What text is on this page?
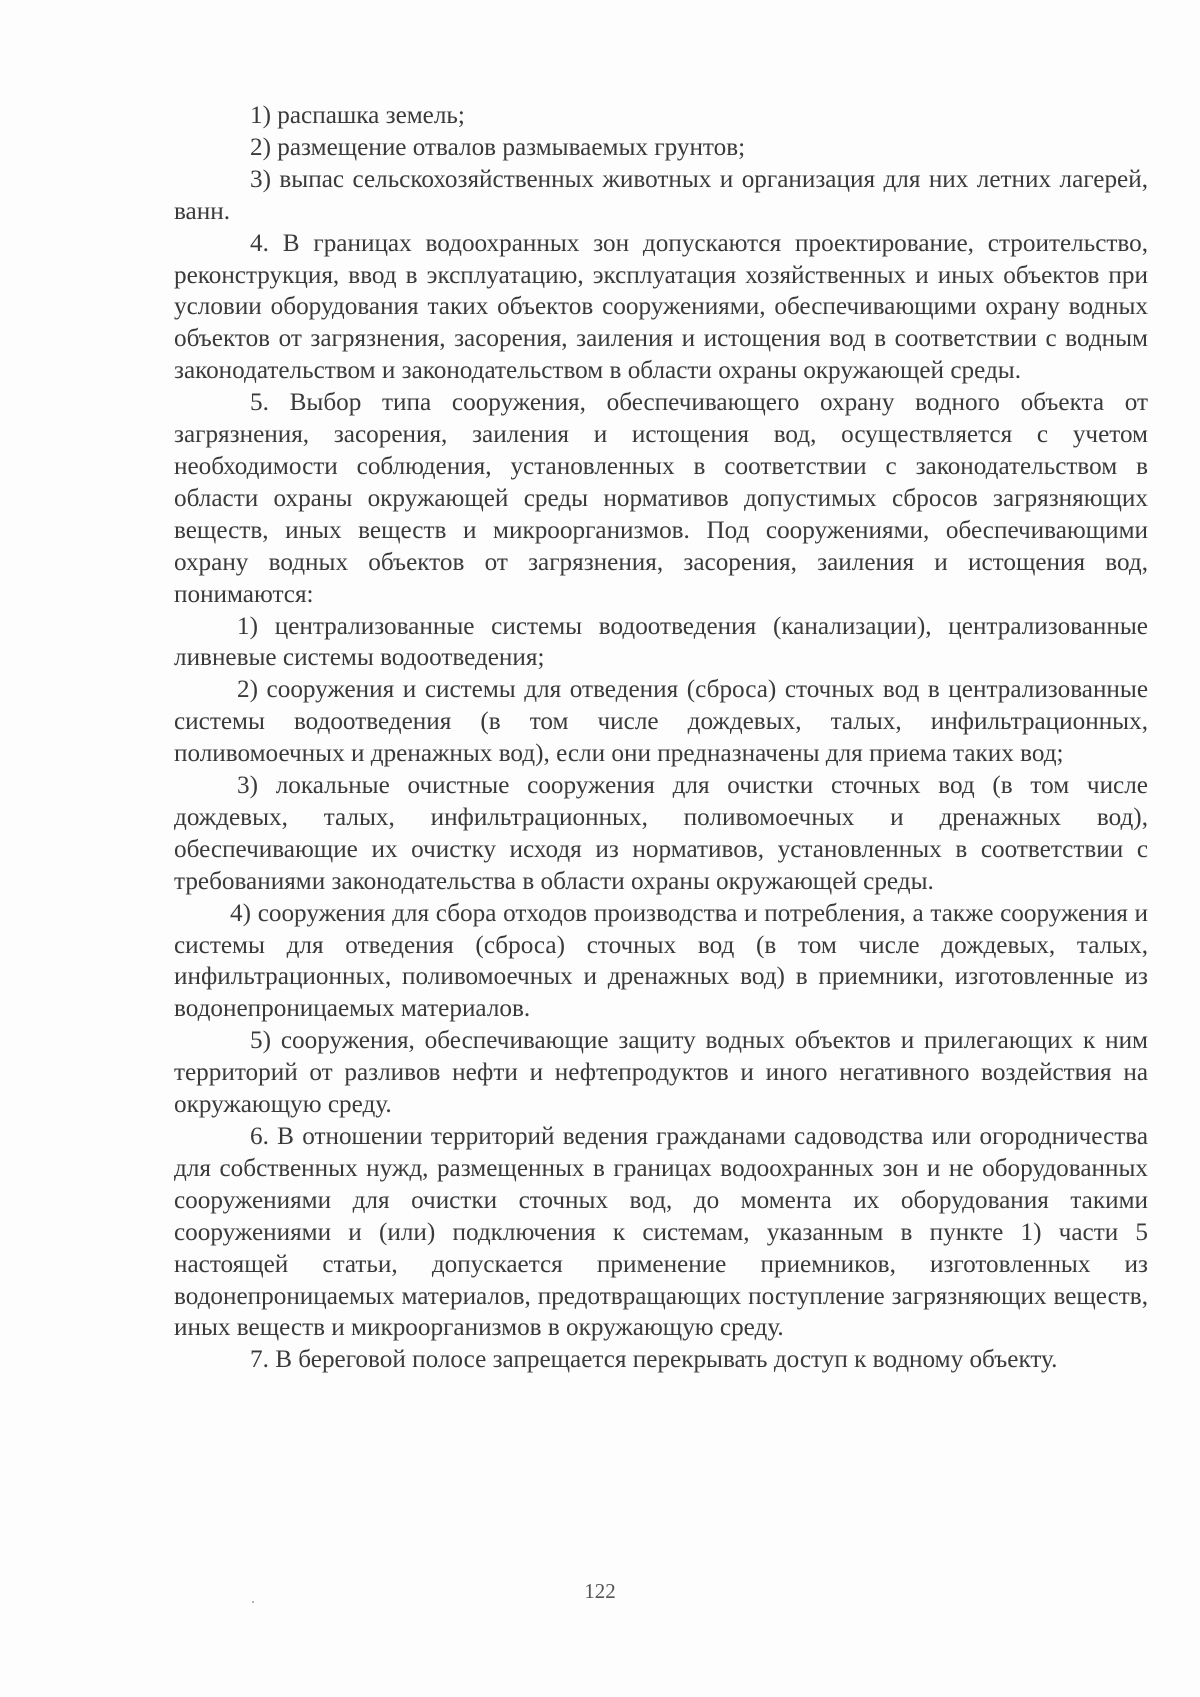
1) распашка земель;

2) размещение отвалов размываемых грунтов;

3) выпас сельскохозяйственных животных и организация для них летних лагерей, ванн.

4. В границах водоохранных зон допускаются проектирование, строительство, реконструкция, ввод в эксплуатацию, эксплуатация хозяйственных и иных объектов при условии оборудования таких объектов сооружениями, обеспечивающими охрану водных объектов от загрязнения, засорения, заиления и истощения вод в соответствии с водным законодательством и законодательством в области охраны окружающей среды.

5. Выбор типа сооружения, обеспечивающего охрану водного объекта от загрязнения, засорения, заиления и истощения вод, осуществляется с учетом необходимости соблюдения, установленных в соответствии с законодательством в области охраны окружающей среды нормативов допустимых сбросов загрязняющих веществ, иных веществ и микроорганизмов. Под сооружениями, обеспечивающими охрану водных объектов от загрязнения, засорения, заиления и истощения вод, понимаются:

1) централизованные системы водоотведения (канализации), централизованные ливневые системы водоотведения;

2) сооружения и системы для отведения (сброса) сточных вод в централизованные системы водоотведения (в том числе дождевых, талых, инфильтрационных, поливомоечных и дренажных вод), если они предназначены для приема таких вод;

3) локальные очистные сооружения для очистки сточных вод (в том числе дождевых, талых, инфильтрационных, поливомоечных и дренажных вод), обеспечивающие их очистку исходя из нормативов, установленных в соответствии с требованиями законодательства в области охраны окружающей среды.

4) сооружения для сбора отходов производства и потребления, а также сооружения и системы для отведения (сброса) сточных вод (в том числе дождевых, талых, инфильтрационных, поливомоечных и дренажных вод) в приемники, изготовленные из водонепроницаемых материалов.

5) сооружения, обеспечивающие защиту водных объектов и прилегающих к ним территорий от разливов нефти и нефтепродуктов и иного негативного воздействия на окружающую среду.

6. В отношении территорий ведения гражданами садоводства или огородничества для собственных нужд, размещенных в границах водоохранных зон и не оборудованных сооружениями для очистки сточных вод, до момента их оборудования такими сооружениями и (или) подключения к системам, указанным в пункте 1) части 5 настоящей статьи, допускается применение приемников, изготовленных из водонепроницаемых материалов, предотвращающих поступление загрязняющих веществ, иных веществ и микроорганизмов в окружающую среду.

7. В береговой полосе запрещается перекрывать доступ к водному объекту.

122
